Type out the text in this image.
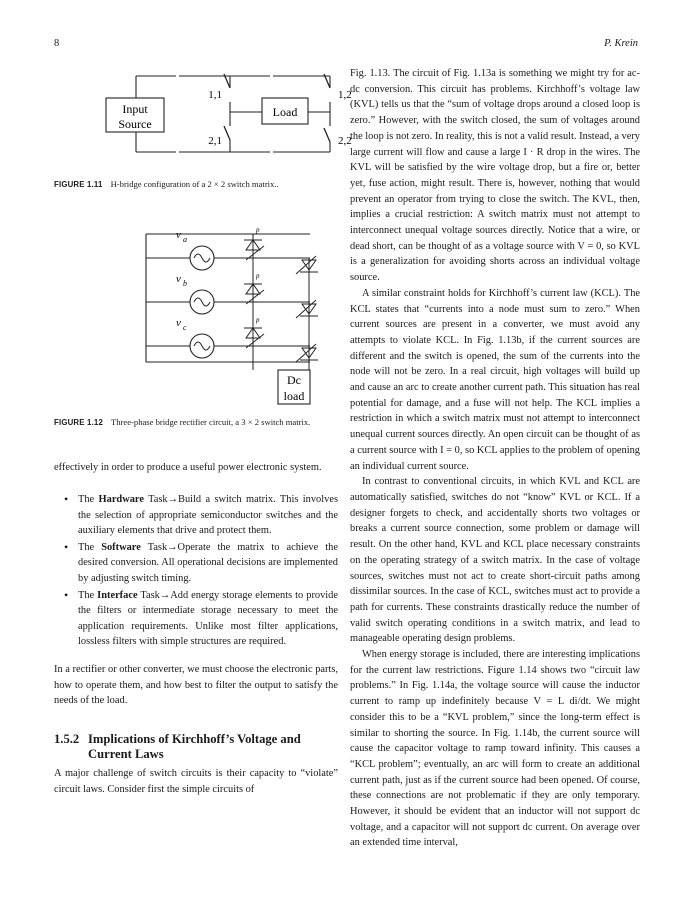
8	P. Krein
Input
Source
Load
1,1	1,2
2,1	2,2
FIGURE 1.11 H-bridge configuration of a 2 × 2 switch matrix..
v a
v b
v c
p
p
p
Dc
load
FIGURE 1.12 Three-phase bridge rectifier circuit, a 3 × 2 switch matrix.

effectively in order to produce a useful power electronic system.

• The Hardware Task→Build a switch matrix. This involves the selection of appropriate semiconductor switches and the auxiliary elements that drive and protect them.
• The Software Task→Operate the matrix to achieve the desired conversion. All operational decisions are implemented by adjusting switch timing.
• The Interface Task→Add energy storage elements to provide the filters or intermediate storage necessary to meet the application requirements. Unlike most filter applications, lossless filters with simple structures are required.

In a rectifier or other converter, we must choose the electronic parts, how to operate them, and how best to filter the output to satisfy the needs of the load.

1.5.2 Implications of Kirchhoff’s Voltage and
Current Laws

A major challenge of switch circuits is their capacity to “violate” circuit laws. Consider first the simple circuits of

Fig. 1.13. The circuit of Fig. 1.13a is something we might try for ac-dc conversion. This circuit has problems. Kirchhoff’s voltage law (KVL) tells us that the “sum of voltage drops around a closed loop is zero.” However, with the switch closed, the sum of voltages around the loop is not zero. In reality, this is not a valid result. Instead, a very large current will flow and cause a large I · R drop in the wires. The KVL will be satisfied by the wire voltage drop, but a fire or, better yet, fuse action, might result. There is, however, nothing that would prevent an operator from trying to close the switch. The KVL, then, implies a crucial restriction: A switch matrix must not attempt to interconnect unequal voltage sources directly. Notice that a wire, or dead short, can be thought of as a voltage source with V = 0, so KVL is a generalization for avoiding shorts across an individual voltage source.

A similar constraint holds for Kirchhoff’s current law (KCL). The KCL states that “currents into a node must sum to zero.” When current sources are present in a converter, we must avoid any attempts to violate KCL. In Fig. 1.13b, if the current sources are different and the switch is opened, the sum of the currents into the node will not be zero. In a real circuit, high voltages will build up and cause an arc to create another current path. This situation has real potential for damage, and a fuse will not help. The KCL implies a restriction in which a switch matrix must not attempt to interconnect unequal current sources directly. An open circuit can be thought of as a current source with I = 0, so KCL applies to the problem of opening an individual current source.

In contrast to conventional circuits, in which KVL and KCL are automatically satisfied, switches do not “know” KVL or KCL. If a designer forgets to check, and accidentally shorts two voltages or breaks a current source connection, some problem or damage will result. On the other hand, KVL and KCL place necessary constraints on the operating strategy of a switch matrix. In the case of voltage sources, switches must not act to create short-circuit paths among dissimilar sources. In the case of KCL, switches must act to provide a path for currents. These constraints drastically reduce the number of valid switch operating conditions in a switch matrix, and lead to manageable operating design problems.

When energy storage is included, there are interesting implications for the current law restrictions. Figure 1.14 shows two “circuit law problems.” In Fig. 1.14a, the voltage source will cause the inductor current to ramp up indefinitely because V = L di/dt. We might consider this to be a “KVL problem,” since the long-term effect is similar to shorting the source. In Fig. 1.14b, the current source will cause the capacitor voltage to ramp toward infinity. This causes a “KCL problem”; eventually, an arc will form to create an additional current path, just as if the current source had been opened. Of course, these connections are not problematic if they are only temporary. However, it should be evident that an inductor will not support dc voltage, and a capacitor will not support dc current. On average over an extended time interval,
